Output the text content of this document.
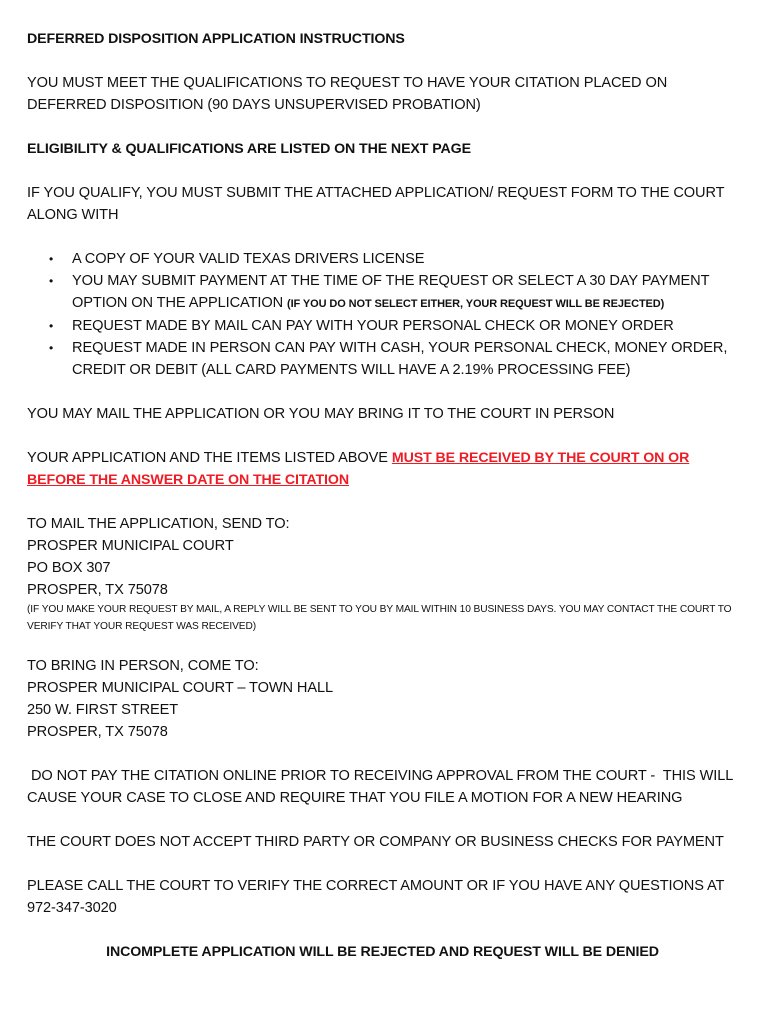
DEFERRED DISPOSITION APPLICATION INSTRUCTIONS

YOU MUST MEET THE QUALIFICATIONS TO REQUEST TO HAVE YOUR CITATION PLACED ON DEFERRED DISPOSITION (90 DAYS UNSUPERVISED PROBATION)

ELIGIBILITY & QUALIFICATIONS ARE LISTED ON THE NEXT PAGE

IF YOU QUALIFY, YOU MUST SUBMIT THE ATTACHED APPLICATION/ REQUEST FORM TO THE COURT ALONG WITH

• A COPY OF YOUR VALID TEXAS DRIVERS LICENSE
• YOU MAY SUBMIT PAYMENT AT THE TIME OF THE REQUEST OR SELECT A 30 DAY PAYMENT OPTION ON THE APPLICATION (IF YOU DO NOT SELECT EITHER, YOUR REQUEST WILL BE REJECTED)
• REQUEST MADE BY MAIL CAN PAY WITH YOUR PERSONAL CHECK OR MONEY ORDER
• REQUEST MADE IN PERSON CAN PAY WITH CASH, YOUR PERSONAL CHECK, MONEY ORDER, CREDIT OR DEBIT (ALL CARD PAYMENTS WILL HAVE A 2.19% PROCESSING FEE)

YOU MAY MAIL THE APPLICATION OR YOU MAY BRING IT TO THE COURT IN PERSON

YOUR APPLICATION AND THE ITEMS LISTED ABOVE MUST BE RECEIVED BY THE COURT ON OR BEFORE THE ANSWER DATE ON THE CITATION

TO MAIL THE APPLICATION, SEND TO:

PROSPER MUNICIPAL COURT

PO BOX 307

PROSPER, TX 75078

(IF YOU MAKE YOUR REQUEST BY MAIL, A REPLY WILL BE SENT TO YOU BY MAIL WITHIN 10 BUSINESS DAYS. YOU MAY CONTACT THE COURT TO VERIFY THAT YOUR REQUEST WAS RECEIVED)

TO BRING IN PERSON, COME TO:

PROSPER MUNICIPAL COURT – TOWN HALL

250 W. FIRST STREET

PROSPER, TX 75078

DO NOT PAY THE CITATION ONLINE PRIOR TO RECEIVING APPROVAL FROM THE COURT -  THIS WILL CAUSE YOUR CASE TO CLOSE AND REQUIRE THAT YOU FILE A MOTION FOR A NEW HEARING

THE COURT DOES NOT ACCEPT THIRD PARTY OR COMPANY OR BUSINESS CHECKS FOR PAYMENT

PLEASE CALL THE COURT TO VERIFY THE CORRECT AMOUNT OR IF YOU HAVE ANY QUESTIONS AT 972-347-3020

INCOMPLETE APPLICATION WILL BE REJECTED AND REQUEST WILL BE DENIED
